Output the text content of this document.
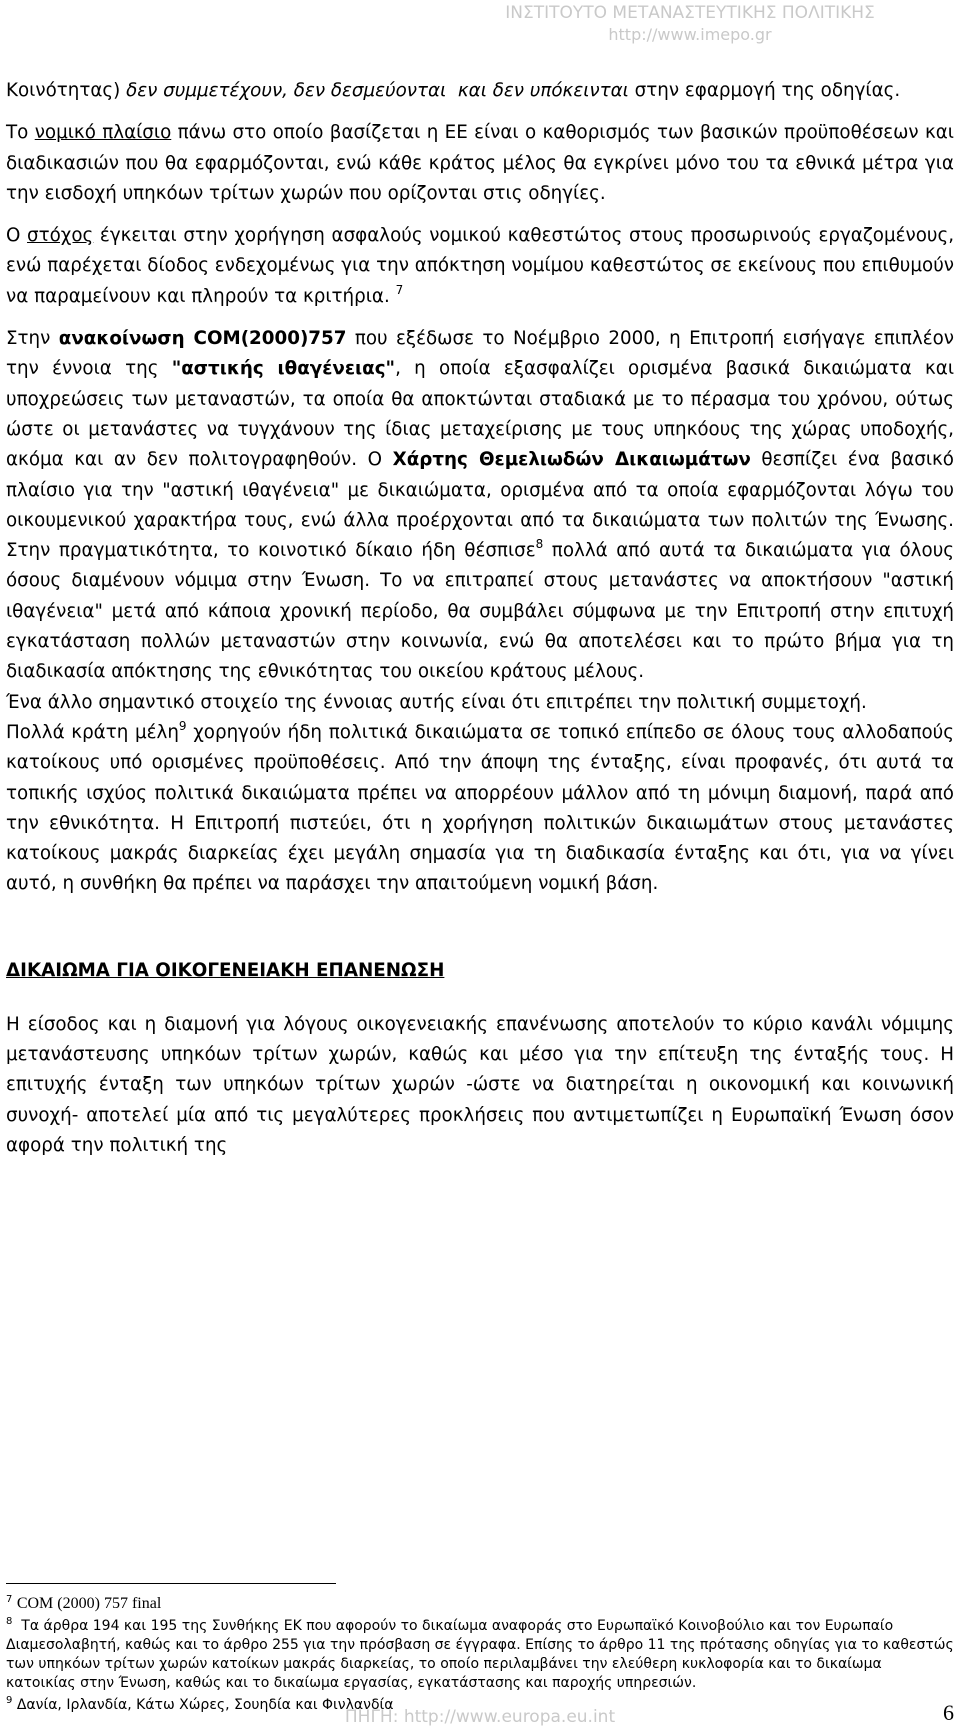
ΙΝΣΤΙΤΟΥΤΟ ΜΕΤΑΝΑΣΤΕΥΤΙΚΗΣ ΠΟΛΙΤΙΚΗΣ
http://www.imepo.gr

Κοινότητας) δεν συμμετέχουν, δεν δεσμεύονται και δεν υπόκεινται στην εφαρμογή της οδηγίας.

Το νομικό πλαίσιο πάνω στο οποίο βασίζεται η ΕΕ είναι ο καθορισμός των βασικών προϋποθέσεων και διαδικασιών που θα εφαρμόζονται, ενώ κάθε κράτος μέλος θα εγκρίνει μόνο του τα εθνικά μέτρα για την εισδοχή υπηκόων τρίτων χωρών που ορίζονται στις οδηγίες.

Ο στόχος έγκειται στην χορήγηση ασφαλούς νομικού καθεστώτος στους προσωρινούς εργαζομένους, ενώ παρέχεται δίοδος ενδεχομένως για την απόκτηση νομίμου καθεστώτος σε εκείνους που επιθυμούν να παραμείνουν και πληρούν τα κριτήρια. $^7$

Στην ανακοίνωση COM(2000)757 που εξέδωσε το Νοέμβριο 2000, η Επιτροπή εισήγαγε επιπλέον την έννοια της "αστικής ιθαγένειας", η οποία εξασφαλίζει ορισμένα βασικά δικαιώματα και υποχρεώσεις των μεταναστών, τα οποία θα αποκτώνται σταδιακά με το πέρασμα του χρόνου, ούτως ώστε οι μετανάστες να τυγχάνουν της ίδιας μεταχείρισης με τους υπηκόους της χώρας υποδοχής, ακόμα και αν δεν πολιτογραφηθούν. Ο Χάρτης Θεμελιωδών Δικαιωμάτων θεσπίζει ένα βασικό πλαίσιο για την "αστική ιθαγένεια" με δικαιώματα, ορισμένα από τα οποία εφαρμόζονται λόγω του οικουμενικού χαρακτήρα τους, ενώ άλλα προέρχονται από τα δικαιώματα των πολιτών της Ένωσης. Στην πραγματικότητα, το κοινοτικό δίκαιο ήδη θέσπισε$^8$ πολλά από αυτά τα δικαιώματα για όλους όσους διαμένουν νόμιμα στην Ένωση. Το να επιτραπεί στους μετανάστες να αποκτήσουν "αστική ιθαγένεια" μετά από κάποια χρονική περίοδο, θα συμβάλει σύμφωνα με την Επιτροπή στην επιτυχή εγκατάσταση πολλών μεταναστών στην κοινωνία, ενώ θα αποτελέσει και το πρώτο βήμα για τη διαδικασία απόκτησης της εθνικότητας του οικείου κράτους μέλους.

Ένα άλλο σημαντικό στοιχείο της έννοιας αυτής είναι ότι επιτρέπει την πολιτική συμμετοχή.

Πολλά κράτη μέλη$^9$ χορηγούν ήδη πολιτικά δικαιώματα σε τοπικό επίπεδο σε όλους τους αλλοδαπούς κατοίκους υπό ορισμένες προϋποθέσεις. Από την άποψη της ένταξης, είναι προφανές, ότι αυτά τα τοπικής ισχύος πολιτικά δικαιώματα πρέπει να απορρέουν μάλλον από τη μόνιμη διαμονή, παρά από την εθνικότητα. Η Επιτροπή πιστεύει, ότι η χορήγηση πολιτικών δικαιωμάτων στους μετανάστες κατοίκους μακράς διαρκείας έχει μεγάλη σημασία για τη διαδικασία ένταξης και ότι, για να γίνει αυτό, η συνθήκη θα πρέπει να παράσχει την απαιτούμενη νομική βάση.

ΔΙΚΑΙΩΜΑ ΓΙΑ ΟΙΚΟΓΕΝΕΙΑΚΗ ΕΠΑΝΕΝΩΣΗ

Η είσοδος και η διαμονή για λόγους οικογενειακής επανένωσης αποτελούν το κύριο κανάλι νόμιμης μετανάστευσης υπηκόων τρίτων χωρών, καθώς και μέσο για την επίτευξη της ένταξής τους. Η επιτυχής ένταξη των υπηκόων τρίτων χωρών -ώστε να διατηρείται η οικονομική και κοινωνική συνοχή- αποτελεί μία από τις μεγαλύτερες προκλήσεις που αντιμετωπίζει η Ευρωπαϊκή Ένωση όσον αφορά την πολιτική της

$^7$ COM (2000) 757 final

$^8$ Τα άρθρα 194 και 195 της Συνθήκης ΕΚ που αφορούν το δικαίωμα αναφοράς στο Ευρωπαϊκό Κοινοβούλιο και τον Ευρωπαίο Διαμεσολαβητή, καθώς και το άρθρο 255 για την πρόσβαση σε έγγραφα. Επίσης το άρθρο 11 της πρότασης οδηγίας για το καθεστώς των υπηκόων τρίτων χωρών κατοίκων μακράς διαρκείας, το οποίο περιλαμβάνει την ελεύθερη κυκλοφορία και το δικαίωμα κατοικίας στην Ένωση, καθώς και το δικαίωμα εργασίας, εγκατάστασης και παροχής υπηρεσιών.

$^9$ Δανία, Ιρλανδία, Κάτω Χώρες, Σουηδία και Φινλανδία

ΠΗΓΗ: http://www.europa.eu.int	6
